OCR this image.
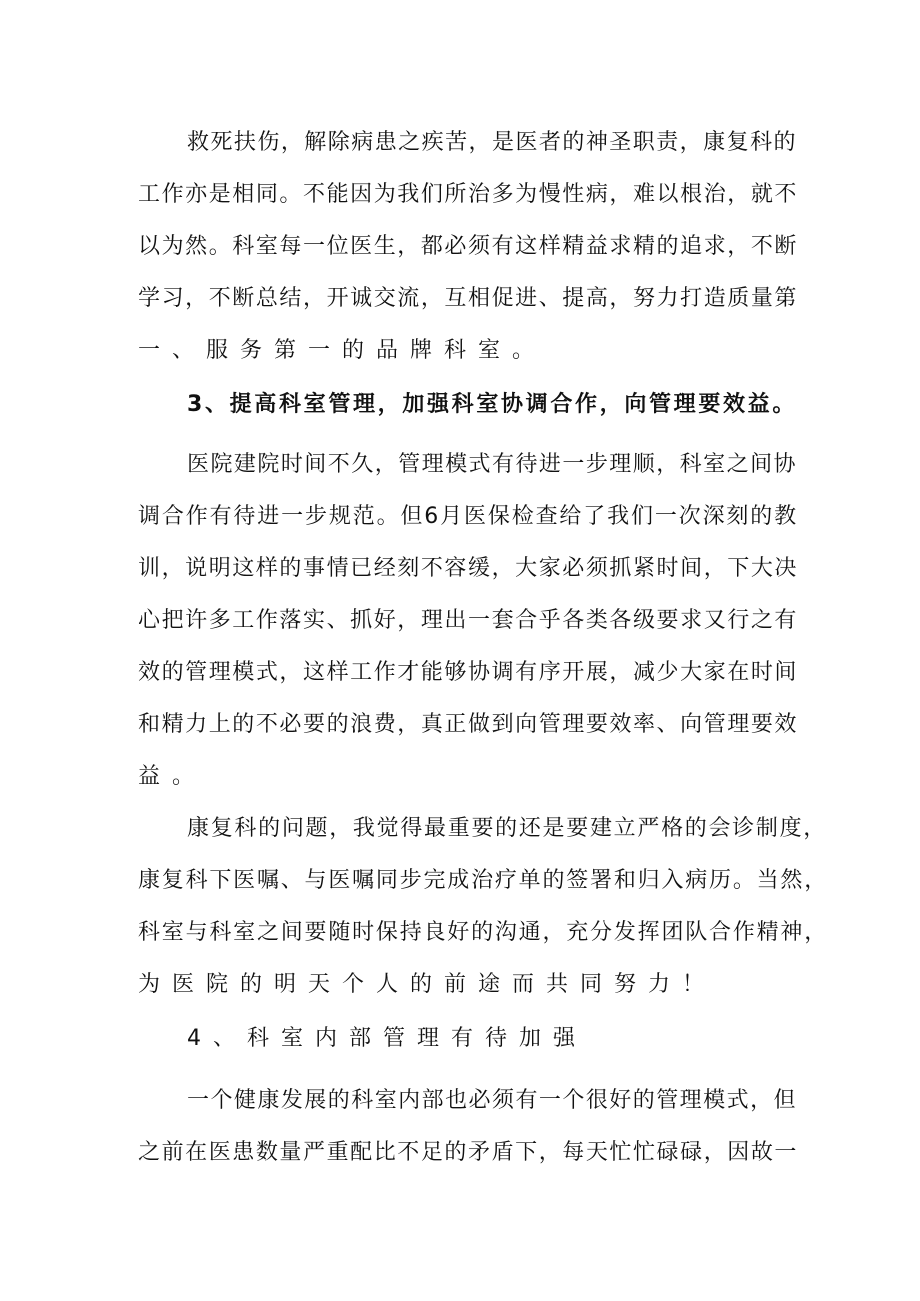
救死扶伤，解除病患之疾苦，是医者的神圣职责，康复科的
工作亦是相同。不能因为我们所治多为慢性病，难以根治，就不
以为然。科室每一位医生，都必须有这样精益求精的追求，不断
学习，不断总结，开诚交流，互相促进、提高，努力打造质量第
一、服务第一的品牌科室。
3、提高科室管理，加强科室协调合作，向管理要效益。
医院建院时间不久，管理模式有待进一步理顺，科室之间协
调合作有待进一步规范。但6月医保检查给了我们一次深刻的教
训，说明这样的事情已经刻不容缓，大家必须抓紧时间，下大决
心把许多工作落实、抓好，理出一套合乎各类各级要求又行之有
效的管理模式，这样工作才能够协调有序开展，减少大家在时间
和精力上的不必要的浪费，真正做到向管理要效率、向管理要效
益。
康复科的问题，我觉得最重要的还是要建立严格的会诊制度，
康复科下医嘱、与医嘱同步完成治疗单的签署和归入病历。当然，
科室与科室之间要随时保持良好的沟通，充分发挥团队合作精神，
为医院的明天个人的前途而共同努力！
4、科室内部管理有待加强
一个健康发展的科室内部也必须有一个很好的管理模式，但
之前在医患数量严重配比不足的矛盾下，每天忙忙碌碌，因故一
